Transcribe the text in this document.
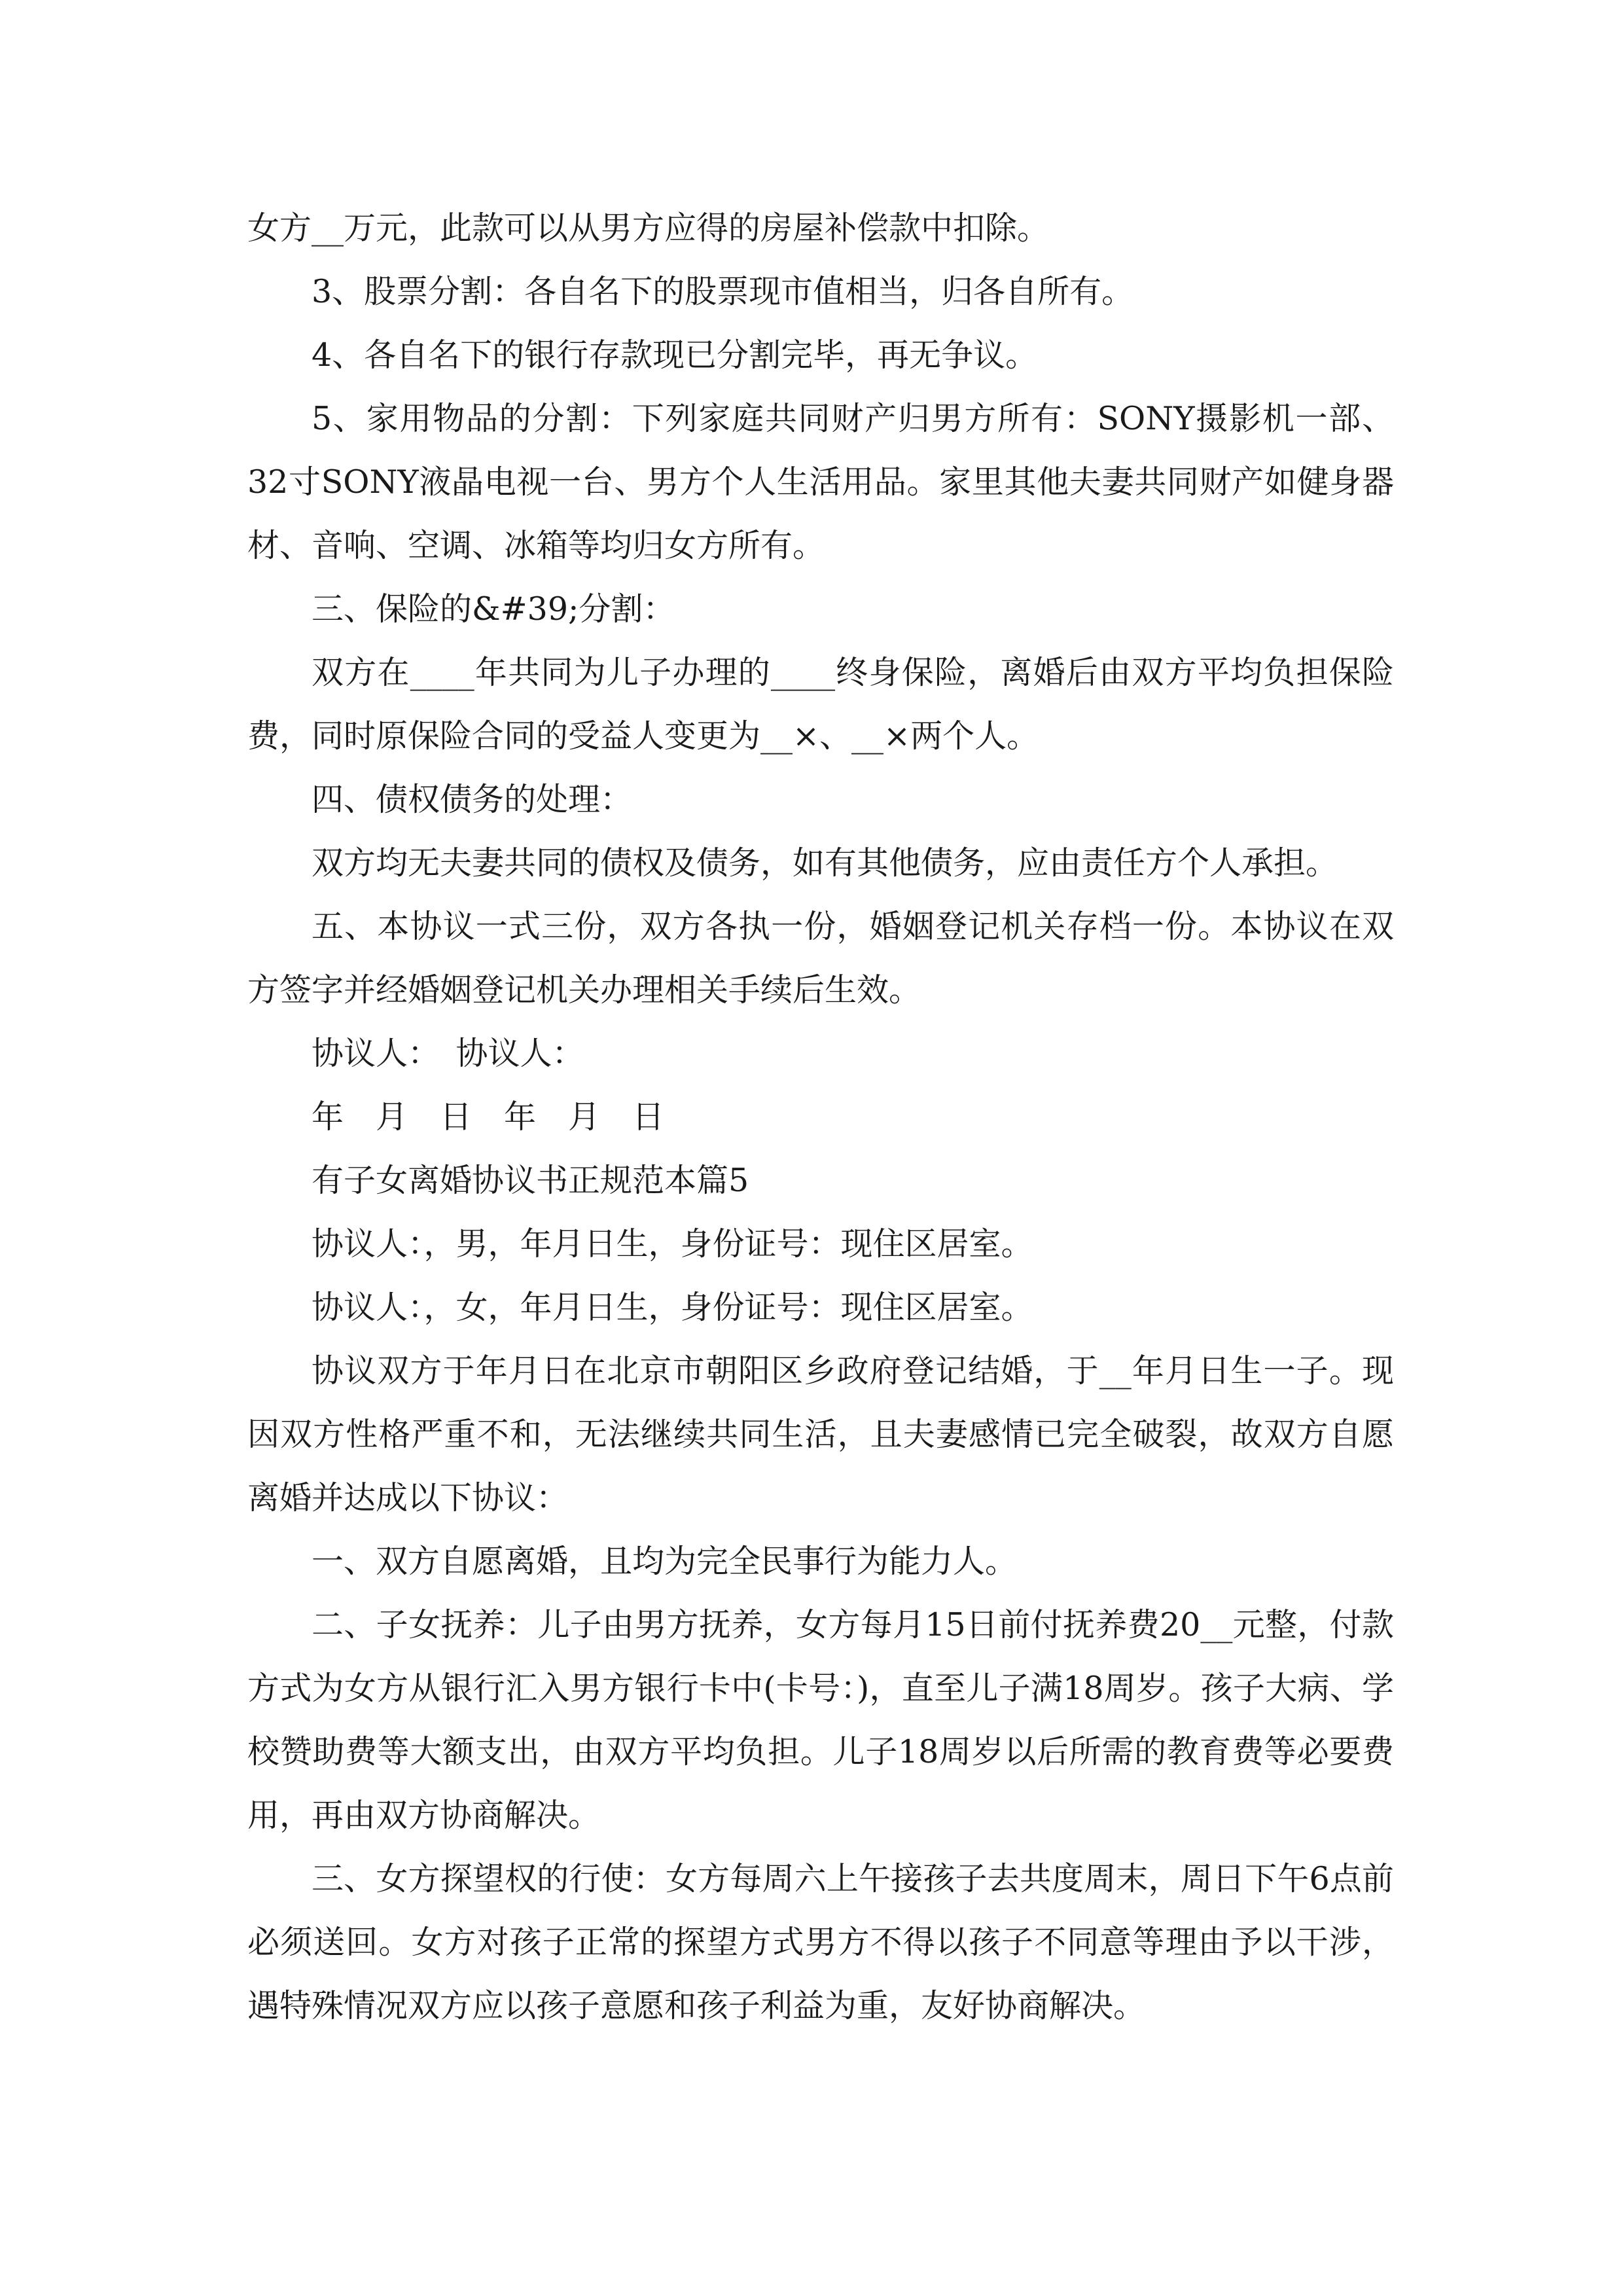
女方__万元，此款可以从男方应得的房屋补偿款中扣除。

3、股票分割：各自名下的股票现市值相当，归各自所有。

4、各自名下的银行存款现已分割完毕，再无争议。

5、家用物品的分割：下列家庭共同财产归男方所有：SONY摄影机一部、32寸SONY液晶电视一台、男方个人生活用品。家里其他夫妻共同财产如健身器材、音响、空调、冰箱等均归女方所有。

三、保险的&#39;分割：

双方在____年共同为儿子办理的____终身保险，离婚后由双方平均负担保险费，同时原保险合同的受益人变更为__×、__×两个人。

四、债权债务的处理：

双方均无夫妻共同的债权及债务，如有其他债务，应由责任方个人承担。

五、本协议一式三份，双方各执一份，婚姻登记机关存档一份。本协议在双方签字并经婚姻登记机关办理相关手续后生效。

协议人：　协议人：

年　月　日　年　月　日

有子女离婚协议书正规范本篇5

协议人：，男，年月日生，身份证号：现住区居室。

协议人：，女，年月日生，身份证号：现住区居室。

协议双方于年月日在北京市朝阳区乡政府登记结婚，于__年月日生一子。现因双方性格严重不和，无法继续共同生活，且夫妻感情已完全破裂，故双方自愿离婚并达成以下协议：

一、双方自愿离婚，且均为完全民事行为能力人。

二、子女抚养：儿子由男方抚养，女方每月15日前付抚养费20__元整，付款方式为女方从银行汇入男方银行卡中(卡号：)，直至儿子满18周岁。孩子大病、学校赞助费等大额支出，由双方平均负担。儿子18周岁以后所需的教育费等必要费用，再由双方协商解决。

三、女方探望权的行使：女方每周六上午接孩子去共度周末，周日下午6点前必须送回。女方对孩子正常的探望方式男方不得以孩子不同意等理由予以干涉，遇特殊情况双方应以孩子意愿和孩子利益为重，友好协商解决。
